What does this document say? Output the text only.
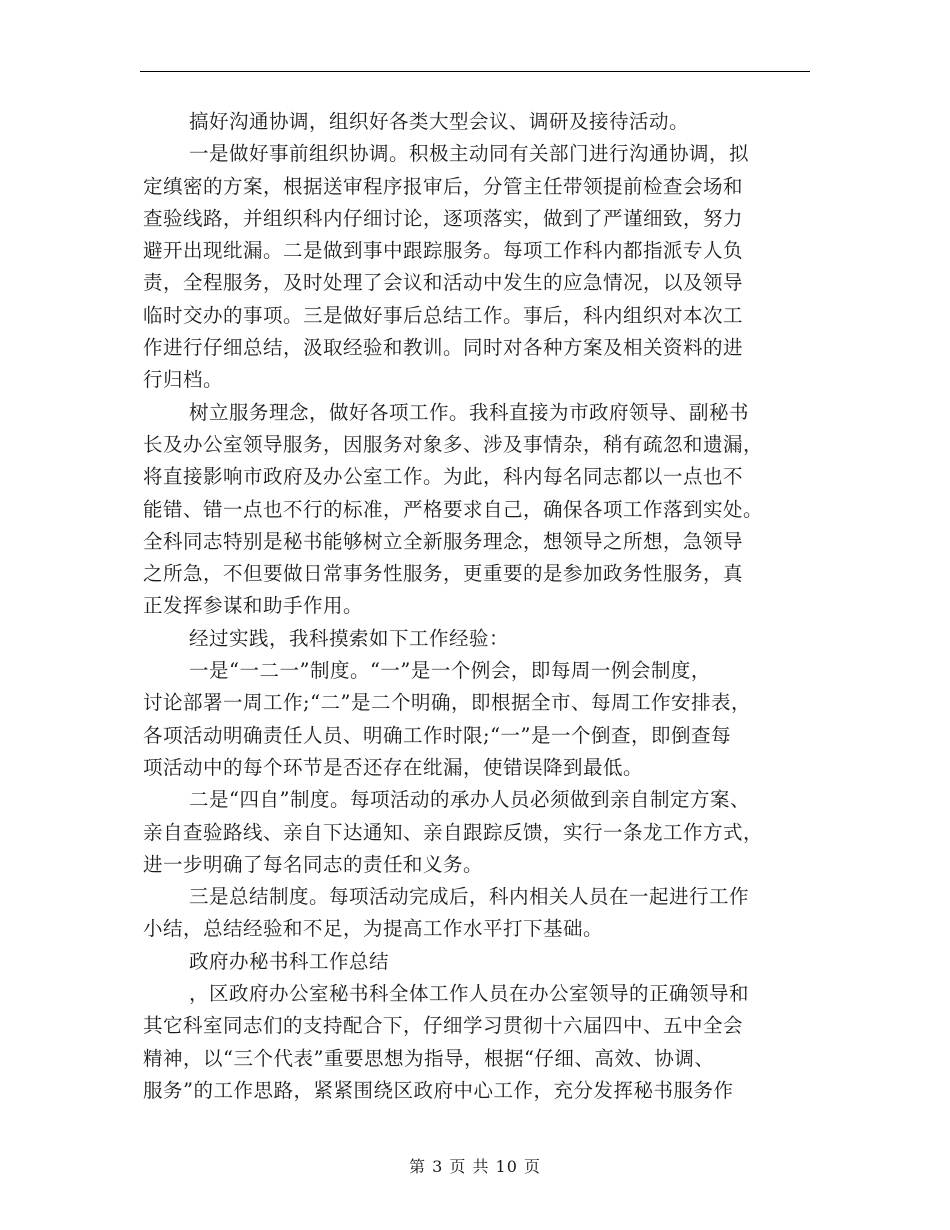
搞好沟通协调，组织好各类大型会议、调研及接待活动。
一是做好事前组织协调。积极主动同有关部门进行沟通协调，拟
定缜密的方案，根据送审程序报审后，分管主任带领提前检查会场和
查验线路，并组织科内仔细讨论，逐项落实，做到了严谨细致，努力
避开出现纰漏。二是做到事中跟踪服务。每项工作科内都指派专人负
责，全程服务，及时处理了会议和活动中发生的应急情况，以及领导
临时交办的事项。三是做好事后总结工作。事后，科内组织对本次工
作进行仔细总结，汲取经验和教训。同时对各种方案及相关资料的进
行归档。
树立服务理念，做好各项工作。我科直接为市政府领导、副秘书
长及办公室领导服务，因服务对象多、涉及事情杂，稍有疏忽和遗漏，
将直接影响市政府及办公室工作。为此，科内每名同志都以一点也不
能错、错一点也不行的标准，严格要求自己，确保各项工作落到实处。
全科同志特别是秘书能够树立全新服务理念，想领导之所想，急领导
之所急，不但要做日常事务性服务，更重要的是参加政务性服务，真
正发挥参谋和助手作用。
经过实践，我科摸索如下工作经验：
一是“一二一”制度。“一”是一个例会，即每周一例会制度，
讨论部署一周工作;“二”是二个明确，即根据全市、每周工作安排表，
各项活动明确责任人员、明确工作时限;“一”是一个倒查，即倒查每
项活动中的每个环节是否还存在纰漏，使错误降到最低。
二是“四自”制度。每项活动的承办人员必须做到亲自制定方案、
亲自查验路线、亲自下达通知、亲自跟踪反馈，实行一条龙工作方式，
进一步明确了每名同志的责任和义务。
三是总结制度。每项活动完成后，科内相关人员在一起进行工作
小结，总结经验和不足，为提高工作水平打下基础。
政府办秘书科工作总结
，区政府办公室秘书科全体工作人员在办公室领导的正确领导和
其它科室同志们的支持配合下，仔细学习贯彻十六届四中、五中全会
精神，以“三个代表”重要思想为指导，根据“仔细、高效、协调、
服务”的工作思路，紧紧围绕区政府中心工作，充分发挥秘书服务作
第 3 页 共 10 页
